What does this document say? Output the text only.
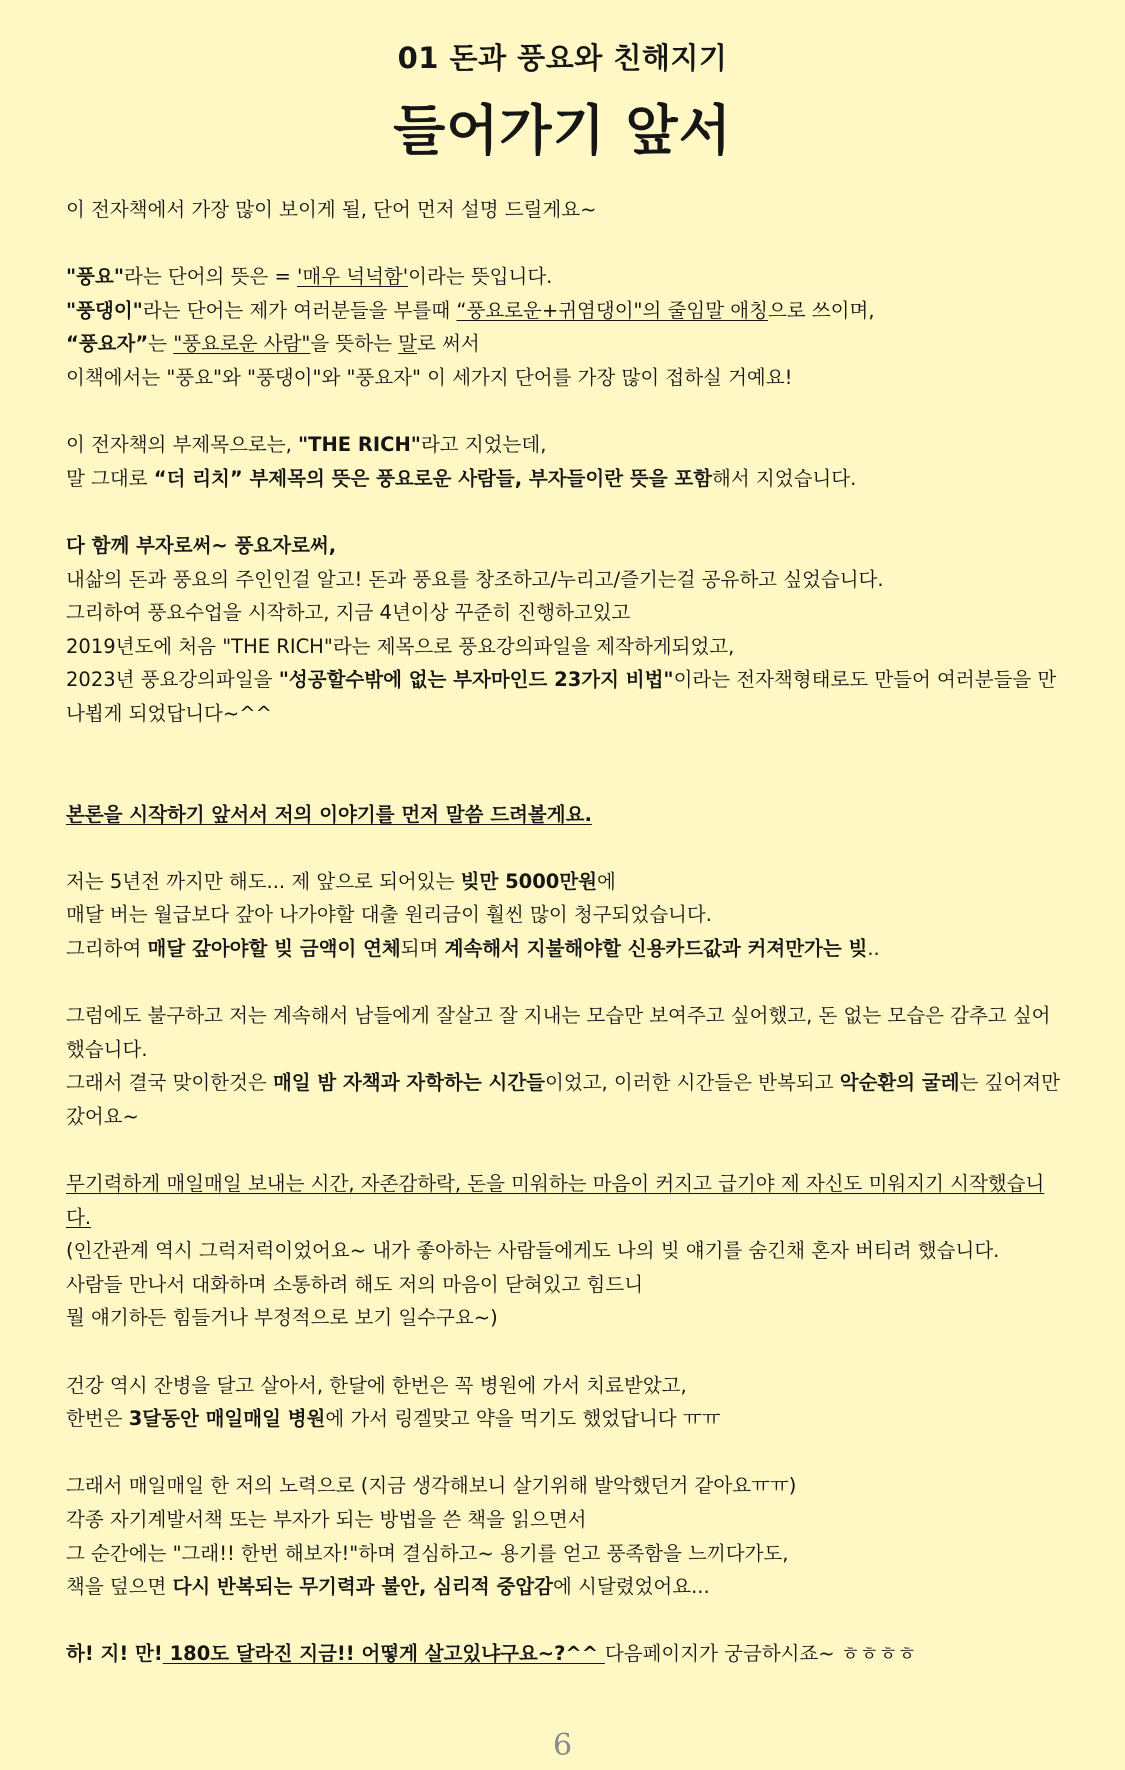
01 돈과 풍요와 친해지기
들어가기 앞서
이 전자책에서 가장 많이 보이게 될, 단어 먼저 설명 드릴게요~
"풍요"라는 단어의 뜻은 = '매우 넉넉함'이라는 뜻입니다.
"풍댕이"라는 단어는 제가 여러분들을 부를때 “풍요로운+귀염댕이"의 줄임말 애칭으로 쓰이며,
“풍요자”는 "풍요로운 사람"을 뜻하는 말로 써서
이책에서는 "풍요"와 "풍댕이"와 "풍요자" 이 세가지 단어를 가장 많이 접하실 거예요!
이 전자책의 부제목으로는, "THE RICH"라고 지었는데,
말 그대로 “더 리치” 부제목의 뜻은 풍요로운 사람들, 부자들이란 뜻을 포함해서 지었습니다.
다 함께 부자로써~ 풍요자로써,
내삶의 돈과 풍요의 주인인걸 알고! 돈과 풍요를 창조하고/누리고/즐기는걸 공유하고 싶었습니다.
그리하여 풍요수업을 시작하고, 지금 4년이상 꾸준히 진행하고있고
2019년도에 처음 "THE RICH"라는 제목으로 풍요강의파일을 제작하게되었고,
2023년 풍요강의파일을 "성공할수밖에 없는 부자마인드 23가지 비법"이라는 전자책형태로도 만들어 여러분들을 만나뵙게 되었답니다~^^
본론을 시작하기 앞서서 저의 이야기를 먼저 말씀 드려볼게요.
저는 5년전 까지만 해도... 제 앞으로 되어있는 빚만 5000만원에
매달 버는 월급보다 갚아 나가야할 대출 원리금이 훨씬 많이 청구되었습니다.
그리하여 매달 갚아야할 빚 금액이 연체되며 계속해서 지불해야할 신용카드값과 커져만가는 빚..
그럼에도 불구하고 저는 계속해서 남들에게 잘살고 잘 지내는 모습만 보여주고 싶어했고, 돈 없는 모습은 감추고 싶어했습니다.
그래서 결국 맞이한것은 매일 밤 자책과 자학하는 시간들이었고, 이러한 시간들은 반복되고 악순환의 굴레는 깊어져만 갔어요~
무기력하게 매일매일 보내는 시간, 자존감하락, 돈을 미워하는 마음이 커지고 급기야 제 자신도 미워지기 시작했습니다.
(인간관계 역시 그럭저럭이었어요~ 내가 좋아하는 사람들에게도 나의 빚 얘기를 숨긴채 혼자 버티려 했습니다.
사람들 만나서 대화하며 소통하려 해도 저의 마음이 닫혀있고 힘드니
뭘 얘기하든 힘들거나 부정적으로 보기 일수구요~)
건강 역시 잔병을 달고 살아서, 한달에 한번은 꼭 병원에 가서 치료받았고,
한번은 3달동안 매일매일 병원에 가서 링겔맞고 약을 먹기도 했었답니다 ㅠㅠ
그래서 매일매일 한 저의 노력으로 (지금 생각해보니 살기위해 발악했던거 같아요ㅠㅠ)
각종 자기계발서책 또는 부자가 되는 방법을 쓴 책을 읽으면서
그 순간에는 "그래!! 한번 해보자!"하며 결심하고~ 용기를 얻고 풍족함을 느끼다가도,
책을 덮으면 다시 반복되는 무기력과 불안, 심리적 중압감에 시달렸었어요...
하! 지! 만! 180도 달라진 지금!! 어떻게 살고있냐구요~?^^ 다음페이지가 궁금하시죠~ ㅎㅎㅎㅎ
6
